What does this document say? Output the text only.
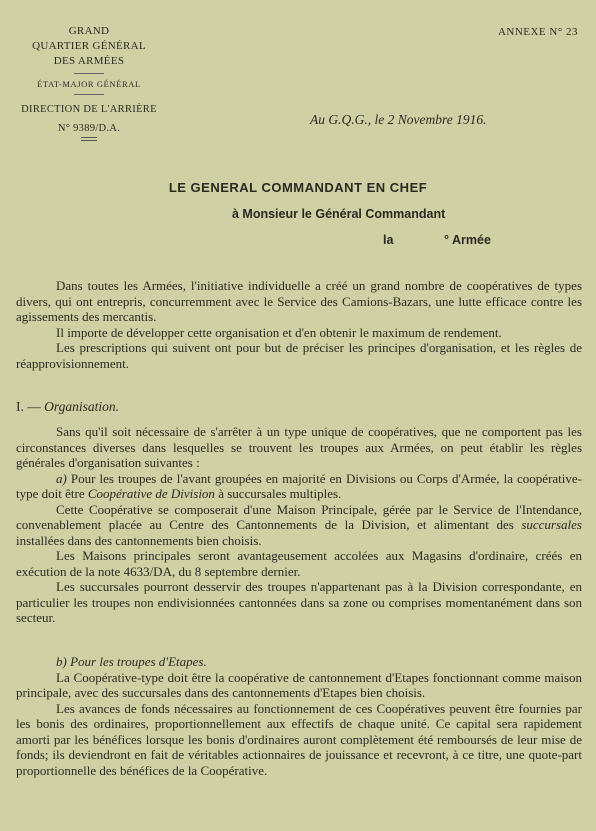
GRAND
QUARTIER GÉNÉRAL
DES ARMÉES
ÉTAT-MAJOR GÉNÉRAL
DIRECTION DE L'ARRIÈRE
N° 9389/D.A.
ANNEXE N° 23
Au G.Q.G., le 2 Novembre 1916.
LE GENERAL COMMANDANT EN CHEF
à Monsieur le Général Commandant
la	° Armée

Dans toutes les Armées, l'initiative individuelle a créé un grand nombre de coopératives de types divers, qui ont entrepris, concurremment avec le Service des Camions-Bazars, une lutte efficace contre les agissements des mercantis.

Il importe de développer cette organisation et d'en obtenir le maximum de rendement.

Les prescriptions qui suivent ont pour but de préciser les principes d'organisation, et les règles de réapprovisionnement.

I. — Organisation.

Sans qu'il soit nécessaire de s'arrêter à un type unique de coopératives, que ne comportent pas les circonstances diverses dans lesquelles se trouvent les troupes aux Armées, on peut établir les règles générales d'organisation suivantes :

a) Pour les troupes de l'avant groupées en majorité en Divisions ou Corps d'Armée, la coopérative-type doit être Coopérative de Division à succursales multiples.

Cette Coopérative se composerait d'une Maison Principale, gérée par le Service de l'Intendance, convenablement placée au Centre des Cantonnements de la Division, et alimentant des succursales installées dans des cantonnements bien choisis.

Les Maisons principales seront avantageusement accolées aux Magasins d'ordinaire, créés en exécution de la note 4633/DA, du 8 septembre dernier.

Les succursales pourront desservir des troupes n'appartenant pas à la Division correspondante, en particulier les troupes non endivisionnées cantonnées dans sa zone ou comprises momentanément dans son secteur.

b) Pour les troupes d'Etapes.

La Coopérative-type doit être la coopérative de cantonnement d'Etapes fonctionnant comme maison principale, avec des succursales dans des cantonnements d'Etapes bien choisis.

Les avances de fonds nécessaires au fonctionnement de ces Coopératives peuvent être fournies par les bonis des ordinaires, proportionnellement aux effectifs de chaque unité. Ce capital sera rapidement amorti par les bénéfices lorsque les bonis d'ordinaires auront complètement été remboursés de leur mise de fonds; ils deviendront en fait de véritables actionnaires de jouissance et recevront, à ce titre, une quote-part proportionnelle des bénéfices de la Coopérative.
